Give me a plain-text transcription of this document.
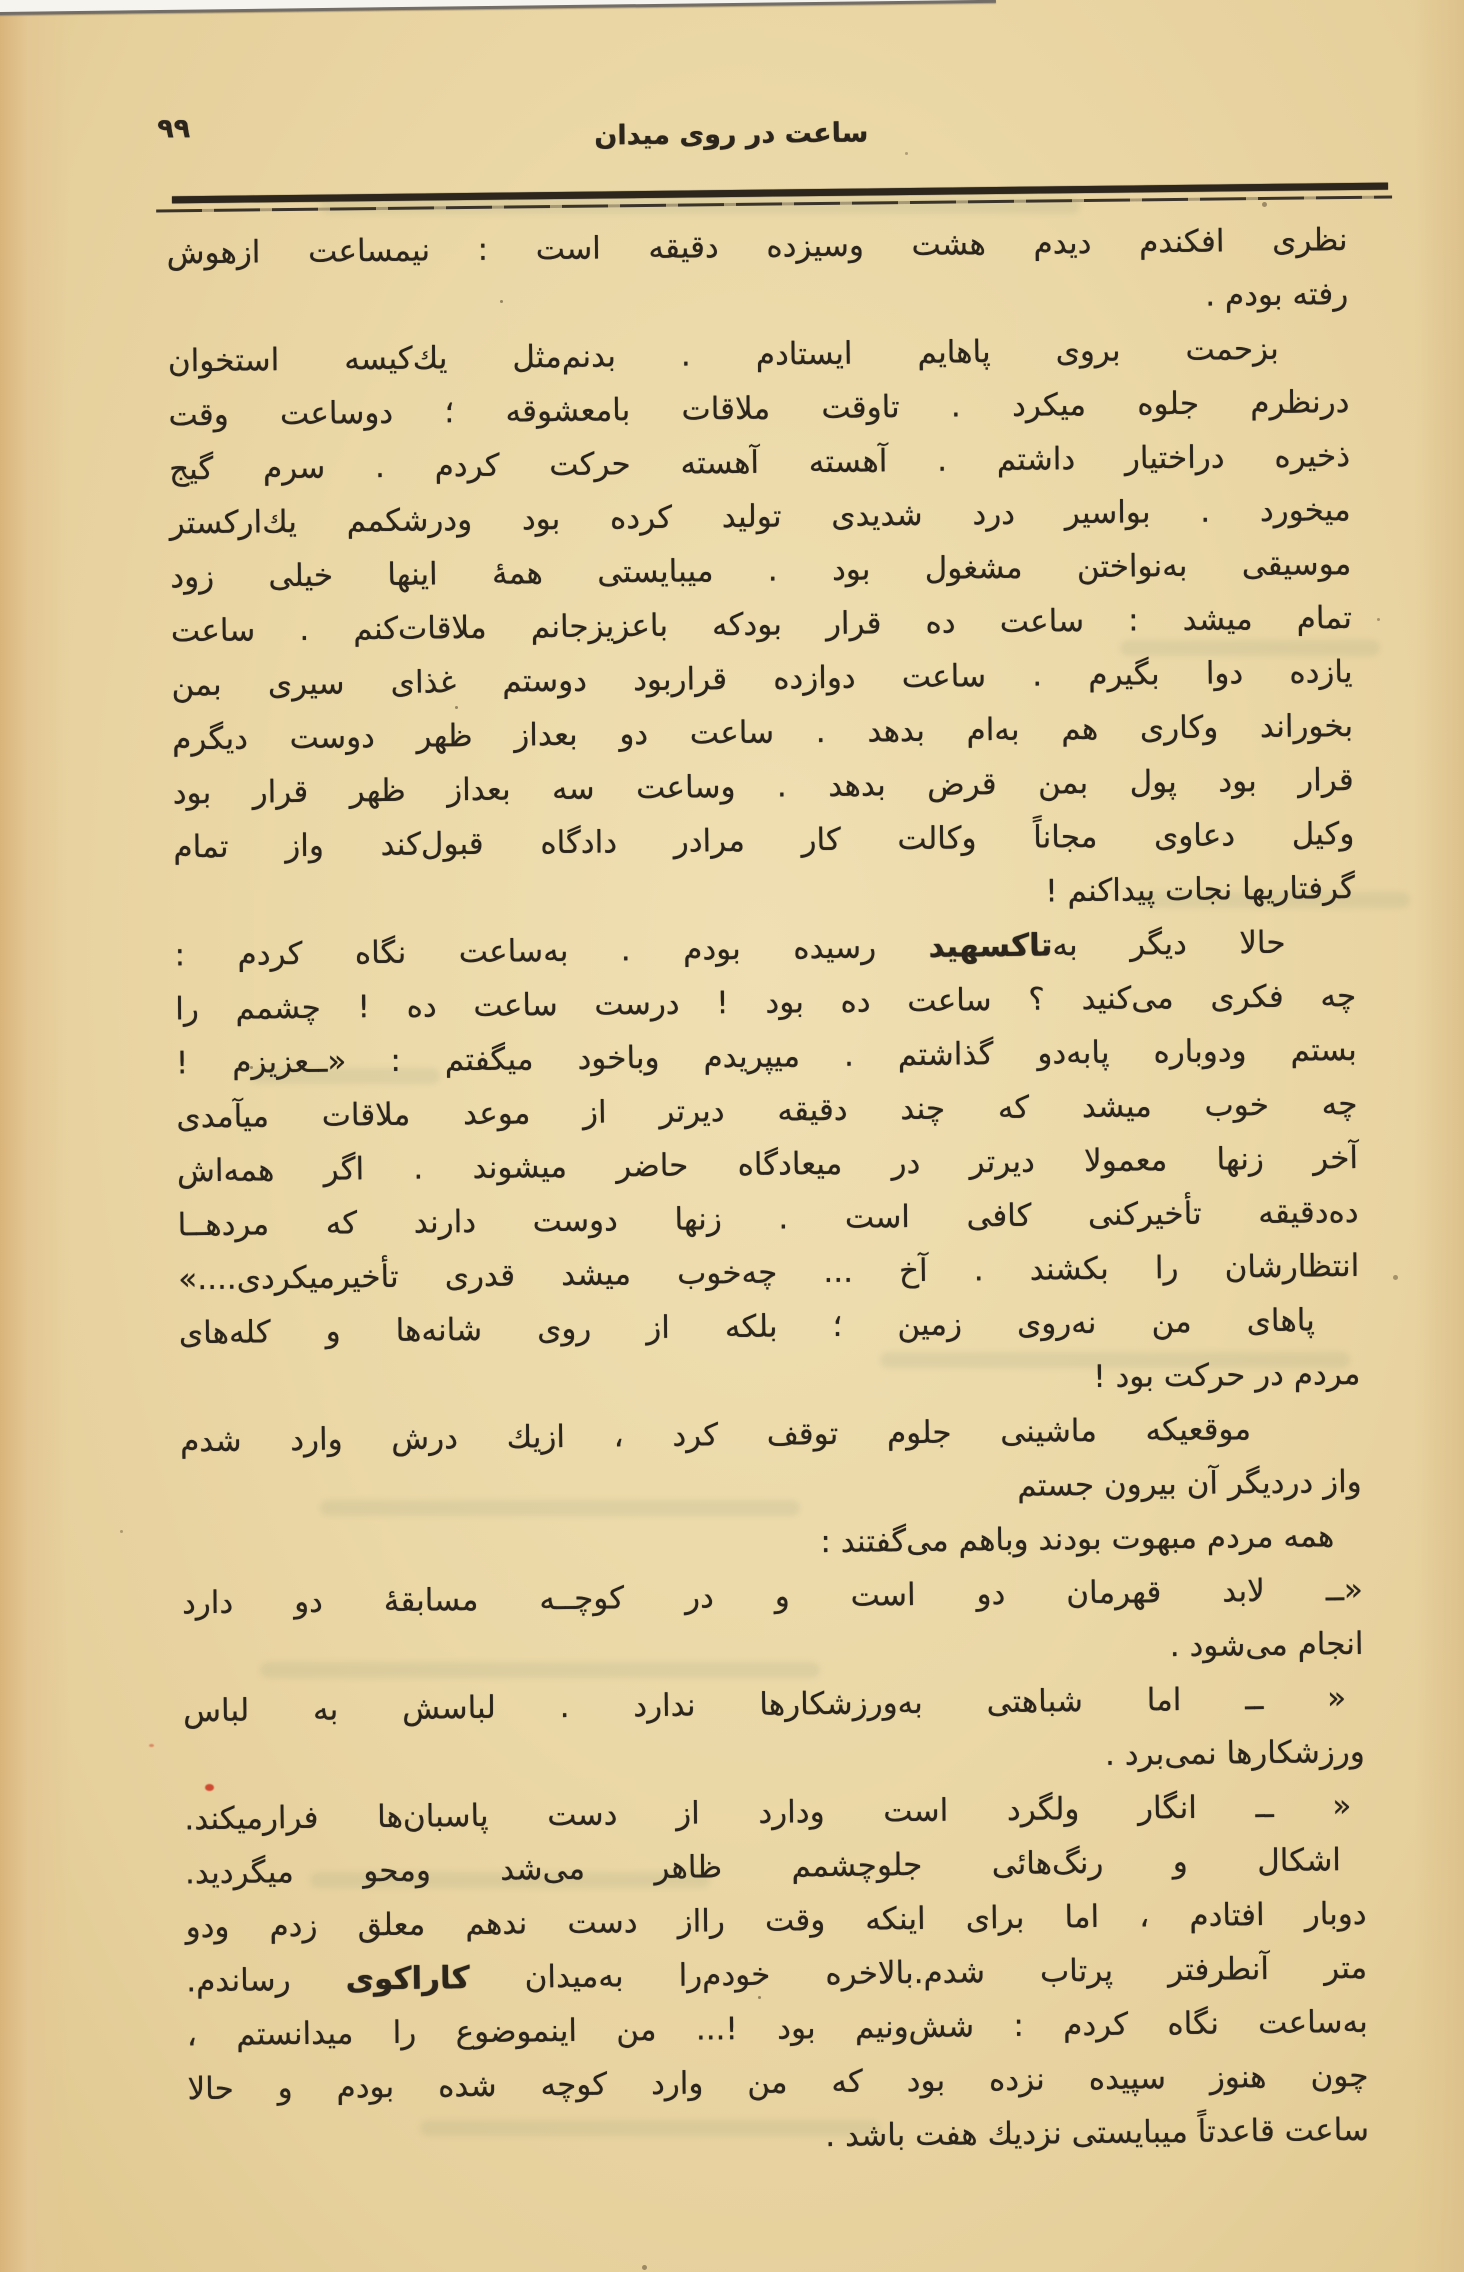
٩٩	ساعت در روی میدان
نظری افکندم دیدم هشت وسیزده دقیقه است : نیمساعت ازهوش
رفته بودم .
بزحمت بروی پاهایم ایستادم . بدنم‌مثل یك‌کیسه استخوان
درنظرم جلوه میکرد . تاوقت ملاقات بامعشوقه ؛ دوساعت وقت
ذخیره دراختیار داشتم . آهسته آهسته حرکت کردم . سرم گیج
میخورد . بواسیر درد شدیدی تولید کرده بود ودرشکمم یك‌ارکستر
موسیقی به‌نواختن مشغول بود . میبایستی همهٔ اینها خیلی زود
تمام میشد : ساعت ده قرار بودکه باعزیزجانم ملاقات‌کنم . ساعت
یازده دوا بگیرم . ساعت دوازده قراربود دوستم غذای سیری بمن
بخوراند وکاری هم به‌ام بدهد . ساعت دو بعداز ظهر دوست دیگرم
قرار بود پول بمن قرض بدهد . وساعت سه بعداز ظهر قرار بود
وکیل دعاوی مجاناً وکالت کار مرادر دادگاه قبول‌کند واز تمام
گرفتاریها نجات پیداکنم !
حالا دیگر به‌تاکسهید رسیده بودم . به‌ساعت نگاه کردم :
چه فکری می‌کنید ؟ ساعت ده بود ! درست ساعت ده ! چشمم را
بستم ودوباره پابه‌دو گذاشتم . میپریدم وباخود میگفتم : «ــعزیزم !
چه خوب میشد که چند دقیقه دیرتر از موعد ملاقات میآمدی
آخر زنها معمولا دیرتر در میعادگاه حاضر میشوند . اگر همه‌اش
ده‌دقیقه تأخیرکنی کافی است . زنها دوست دارند که مردهــا
انتظارشان را بکشند . آخ ... چه‌خوب میشد قدری تأخیرمیکردی....»
پاهای من نه‌روی زمین ؛ بلکه از روی شانه‌ها و کله‌های
مردم در حرکت بود !
موقعیکه ماشینی جلوم توقف کرد ، ازیك درش وارد شدم
واز دردیگر آن بیرون جستم
همه مردم مبهوت بودند وباهم می‌گفتند :
«ــ لابد قهرمان دو است و در کوچــه مسابقهٔ دو دارد
انجام می‌شود .
« ــ اما شباهتی به‌ورزشکارها ندارد . لباسش به لباس
ورزشکارها نمی‌برد .
« ــ انگار ولگرد است ودارد از دست پاسبان‌ها فرارمیکند.
اشکال و رنگ‌هائی جلوچشمم ظاهر می‌شد ومحو میگردید.
دوبار افتادم ، اما برای اینکه وقت رااز دست ندهم معلق زدم ودو
متر آنطرفتر پرتاب شدم.بالاخره خودم‌را به‌میدان کاراکوی رساندم.
به‌ساعت نگاه کردم : شش‌ونیم بود !... من اینموضوع را میدانستم ،
چون هنوز سپیده نزده بود که من وارد کوچه شده بودم و حالا
ساعت قاعدتاً میبایستی نزدیك هفت باشد .
